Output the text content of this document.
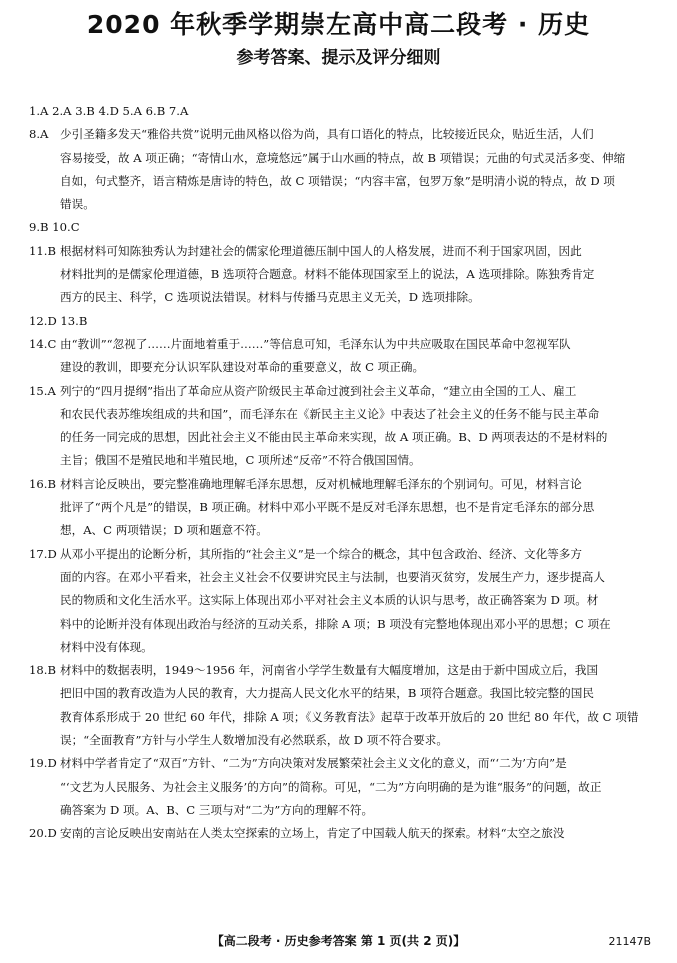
2020 年秋季学期崇左高中高二段考 · 历史
参考答案、提示及评分细则
1.A 2.A 3.B 4.D 5.A 6.B 7.A
8.A 少引圣籍多发天“雅俗共赏”说明元曲风格以俗为尚，具有口语化的特点，比较接近民众，贴近生活，人们
容易接受，故 A 项正确；“寄情山水，意境悠远”属于山水画的特点，故 B 项错误；元曲的句式灵活多变、伸缩
自如，句式整齐，语言精炼是唐诗的特色，故 C 项错误；“内容丰富，包罗万象”是明清小说的特点，故 D 项
错误。
9.B 10.C
11.B 根据材料可知陈独秀认为封建社会的儒家伦理道德压制中国人的人格发展，进而不利于国家巩固，因此
材料批判的是儒家伦理道德，B 选项符合题意。材料不能体现国家至上的说法，A 选项排除。陈独秀肯定
西方的民主、科学，C 选项说法错误。材料与传播马克思主义无关，D 选项排除。
12.D 13.B
14.C 由“教训”“忽视了……片面地着重于……”等信息可知，毛泽东认为中共应吸取在国民革命中忽视军队
建设的教训，即要充分认识军队建设对革命的重要意义，故 C 项正确。
15.A 列宁的“四月提纲”指出了革命应从资产阶级民主革命过渡到社会主义革命，“建立由全国的工人、雇工
和农民代表苏维埃组成的共和国”，而毛泽东在《新民主主义论》中表达了社会主义的任务不能与民主革命
的任务一同完成的思想，因此社会主义不能由民主革命来实现，故 A 项正确。B、D 两项表达的不是材料的
主旨；俄国不是殖民地和半殖民地，C 项所述“反帝”不符合俄国国情。
16.B 材料言论反映出，要完整准确地理解毛泽东思想，反对机械地理解毛泽东的个别词句。可见，材料言论
批评了“两个凡是”的错误，B 项正确。材料中邓小平既不是反对毛泽东思想，也不是肯定毛泽东的部分思
想，A、C 两项错误；D 项和题意不符。
17.D 从邓小平提出的论断分析，其所指的“社会主义”是一个综合的概念，其中包含政治、经济、文化等多方
面的内容。在邓小平看来，社会主义社会不仅要讲究民主与法制，也要消灭贫穷，发展生产力，逐步提高人
民的物质和文化生活水平。这实际上体现出邓小平对社会主义本质的认识与思考，故正确答案为 D 项。材
料中的论断并没有体现出政治与经济的互动关系，排除 A 项；B 项没有完整地体现出邓小平的思想；C 项在
材料中没有体现。
18.B 材料中的数据表明，1949～1956 年，河南省小学学生数量有大幅度增加，这是由于新中国成立后，我国
把旧中国的教育改造为人民的教育，大力提高人民文化水平的结果，B 项符合题意。我国比较完整的国民
教育体系形成于 20 世纪 60 年代，排除 A 项；《义务教育法》起草于改革开放后的 20 世纪 80 年代，故 C 项错
误；“全面教育”方针与小学生人数增加没有必然联系，故 D 项不符合要求。
19.D 材料中学者肯定了“双百”方针、“二为”方向决策对发展繁荣社会主义文化的意义，而“‘二为’方向”是
“‘文艺为人民服务、为社会主义服务’的方向”的简称。可见，“二为”方向明确的是为谁“服务”的问题，故正
确答案为 D 项。A、B、C 三项与对“二为”方向的理解不符。
20.D 安南的言论反映出安南站在人类太空探索的立场上，肯定了中国载人航天的探索。材料“太空之旅没
【高二段考 · 历史参考答案 第 1 页(共 2 页)】	21147B
